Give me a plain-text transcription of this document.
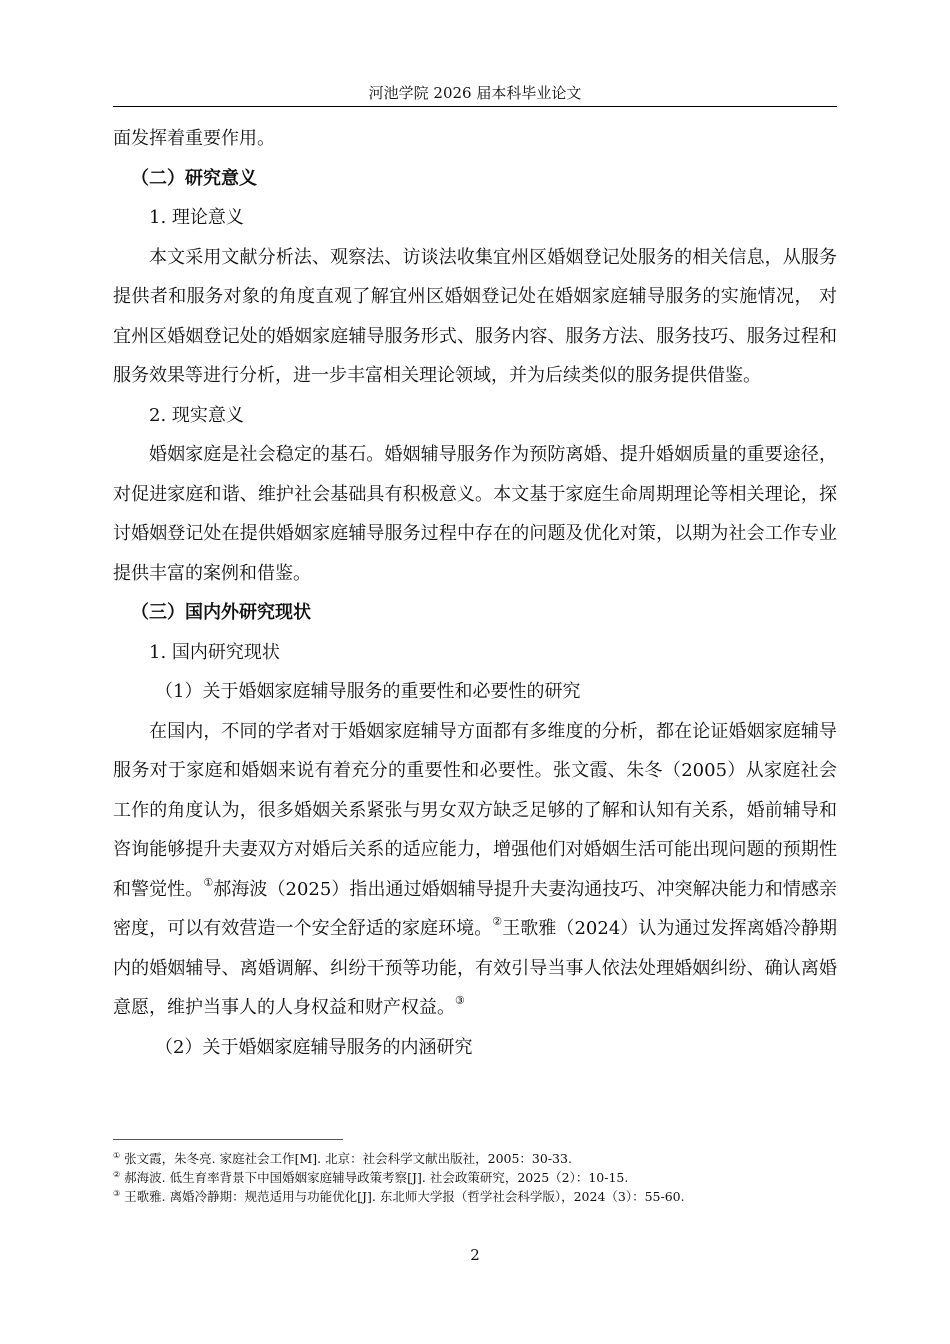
河池学院 2026 届本科毕业论文

面发挥着重要作用。

（二）研究意义

1. 理论意义

本文采用文献分析法、观察法、访谈法收集宜州区婚姻登记处服务的相关信息，从服务提供者和服务对象的角度直观了解宜州区婚姻登记处在婚姻家庭辅导服务的实施情况， 对宜州区婚姻登记处的婚姻家庭辅导服务形式、服务内容、服务方法、服务技巧、服务过程和服务效果等进行分析，进一步丰富相关理论领域，并为后续类似的服务提供借鉴。

2. 现实意义

婚姻家庭是社会稳定的基石。婚姻辅导服务作为预防离婚、提升婚姻质量的重要途径，对促进家庭和谐、维护社会基础具有积极意义。本文基于家庭生命周期理论等相关理论，探讨婚姻登记处在提供婚姻家庭辅导服务过程中存在的问题及优化对策，以期为社会工作专业提供丰富的案例和借鉴。

（三）国内外研究现状

1. 国内研究现状

（1）关于婚姻家庭辅导服务的重要性和必要性的研究

在国内，不同的学者对于婚姻家庭辅导方面都有多维度的分析，都在论证婚姻家庭辅导服务对于家庭和婚姻来说有着充分的重要性和必要性。张文霞、朱冬（2005）从家庭社会工作的角度认为，很多婚姻关系紧张与男女双方缺乏足够的了解和认知有关系，婚前辅导和咨询能够提升夫妻双方对婚后关系的适应能力，增强他们对婚姻生活可能出现问题的预期性和警觉性。①郝海波（2025）指出通过婚姻辅导提升夫妻沟通技巧、冲突解决能力和情感亲密度，可以有效营造一个安全舒适的家庭环境。②王歌雅（2024）认为通过发挥离婚冷静期内的婚姻辅导、离婚调解、纠纷干预等功能，有效引导当事人依法处理婚姻纠纷、确认离婚意愿，维护当事人的人身权益和财产权益。③

（2）关于婚姻家庭辅导服务的内涵研究

① 张文霞，朱冬亮. 家庭社会工作[M]. 北京：社会科学文献出版社，2005：30-33.

② 郝海波. 低生育率背景下中国婚姻家庭辅导政策考察[J]. 社会政策研究，2025（2）：10-15.

③ 王歌雅. 离婚冷静期：规范适用与功能优化[J]. 东北师大学报（哲学社会科学版），2024（3）：55-60.

2
